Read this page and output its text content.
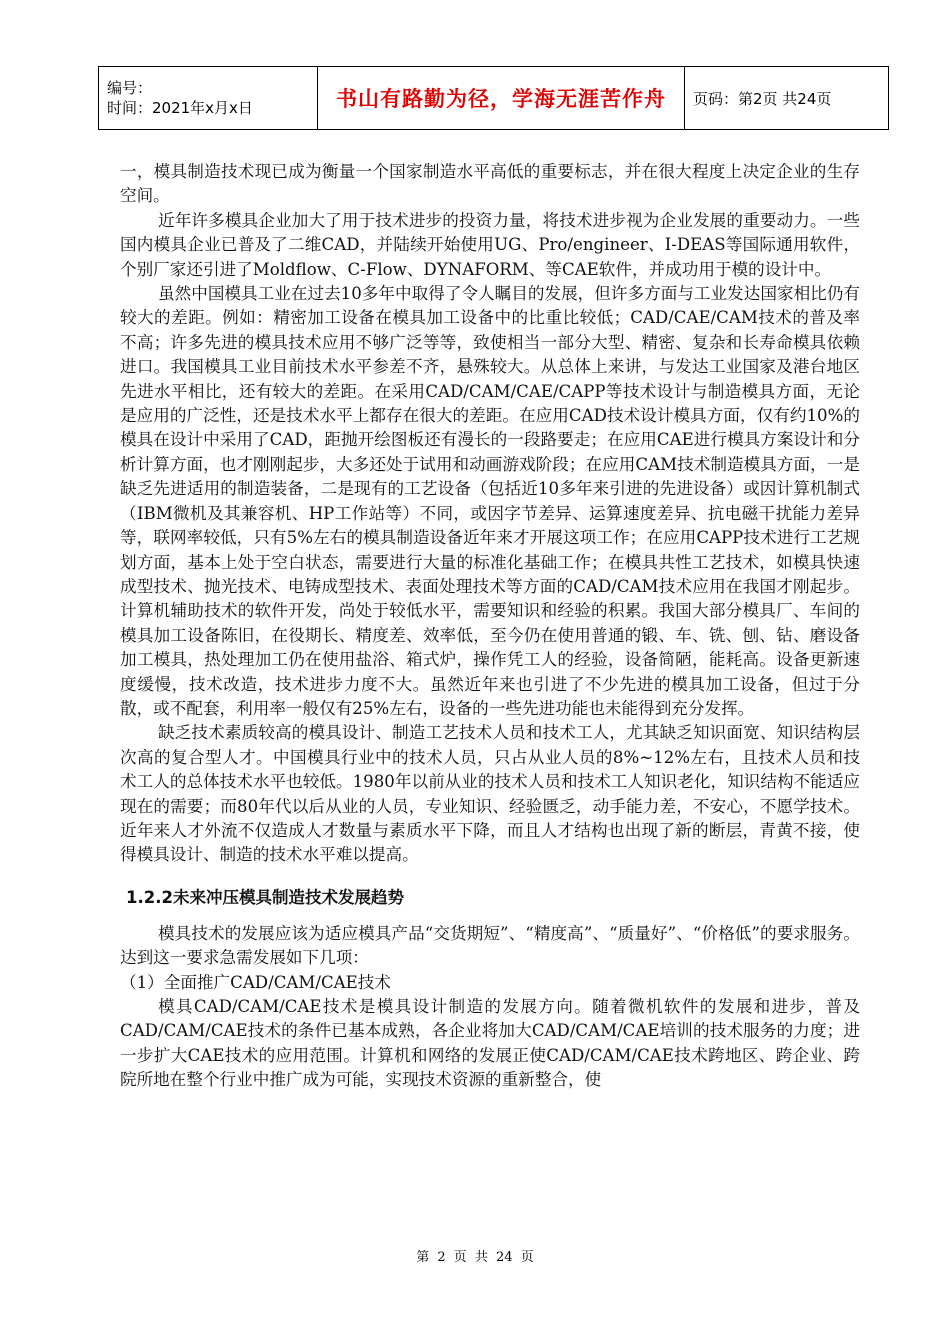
编号：
时间：2021年x月x日	书山有路勤为径，学海无涯苦作舟	页码：第2页 共24页

一，模具制造技术现已成为衡量一个国家制造水平高低的重要标志，并在很大程度上决定企业的生存空间。

近年许多模具企业加大了用于技术进步的投资力量，将技术进步视为企业发展的重要动力。一些国内模具企业已普及了二维CAD，并陆续开始使用UG、Pro/engineer、I-DEAS等国际通用软件，个别厂家还引进了Moldflow、C-Flow、DYNAFORM、等CAE软件，并成功用于模的设计中。

虽然中国模具工业在过去10多年中取得了令人瞩目的发展，但许多方面与工业发达国家相比仍有较大的差距。例如：精密加工设备在模具加工设备中的比重比较低；CAD/CAE/CAM技术的普及率不高；许多先进的模具技术应用不够广泛等等，致使相当一部分大型、精密、复杂和长寿命模具依赖进口。我国模具工业目前技术水平参差不齐，悬殊较大。从总体上来讲，与发达工业国家及港台地区先进水平相比，还有较大的差距。在采用CAD/CAM/CAE/CAPP等技术设计与制造模具方面，无论是应用的广泛性，还是技术水平上都存在很大的差距。在应用CAD技术设计模具方面，仅有约10%的模具在设计中采用了CAD，距抛开绘图板还有漫长的一段路要走；在应用CAE进行模具方案设计和分析计算方面，也才刚刚起步，大多还处于试用和动画游戏阶段；在应用CAM技术制造模具方面，一是缺乏先进适用的制造装备，二是现有的工艺设备（包括近10多年来引进的先进设备）或因计算机制式（IBM微机及其兼容机、HP工作站等）不同，或因字节差异、运算速度差异、抗电磁干扰能力差异等，联网率较低，只有5%左右的模具制造设备近年来才开展这项工作；在应用CAPP技术进行工艺规划方面，基本上处于空白状态，需要进行大量的标准化基础工作；在模具共性工艺技术，如模具快速成型技术、抛光技术、电铸成型技术、表面处理技术等方面的CAD/CAM技术应用在我国才刚起步。计算机辅助技术的软件开发，尚处于较低水平，需要知识和经验的积累。我国大部分模具厂、车间的模具加工设备陈旧，在役期长、精度差、效率低，至今仍在使用普通的锻、车、铣、刨、钻、磨设备加工模具，热处理加工仍在使用盐浴、箱式炉，操作凭工人的经验，设备简陋，能耗高。设备更新速度缓慢，技术改造，技术进步力度不大。虽然近年来也引进了不少先进的模具加工设备，但过于分散，或不配套，利用率一般仅有25%左右，设备的一些先进功能也未能得到充分发挥。

缺乏技术素质较高的模具设计、制造工艺技术人员和技术工人，尤其缺乏知识面宽、知识结构层次高的复合型人才。中国模具行业中的技术人员，只占从业人员的8%~12%左右，且技术人员和技术工人的总体技术水平也较低。1980年以前从业的技术人员和技术工人知识老化，知识结构不能适应现在的需要；而80年代以后从业的人员，专业知识、经验匮乏，动手能力差，不安心，不愿学技术。近年来人才外流不仅造成人才数量与素质水平下降，而且人才结构也出现了新的断层，青黄不接，使得模具设计、制造的技术水平难以提高。

1.2.2未来冲压模具制造技术发展趋势

模具技术的发展应该为适应模具产品“交货期短”、“精度高”、“质量好”、“价格低”的要求服务。达到这一要求急需发展如下几项：

（1）全面推广CAD/CAM/CAE技术

模具CAD/CAM/CAE技术是模具设计制造的发展方向。随着微机软件的发展和进步，普及CAD/CAM/CAE技术的条件已基本成熟，各企业将加大CAD/CAM/CAE培训的技术服务的力度；进一步扩大CAE技术的应用范围。计算机和网络的发展正使CAD/CAM/CAE技术跨地区、跨企业、跨院所地在整个行业中推广成为可能，实现技术资源的重新整合，使

第 2 页 共 24 页
